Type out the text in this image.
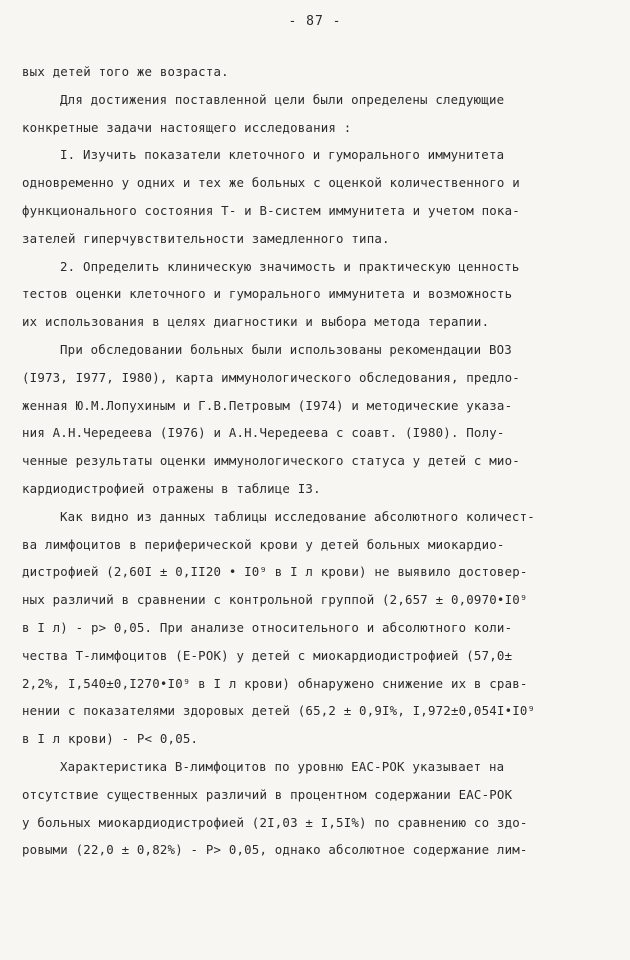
- 87 -
вых детей того же возраста.
Для достижения поставленной цели были определены следующие
конкретные задачи настоящего исследования :
I. Изучить показатели клеточного и гуморального иммунитета
одновременно у одних и тех же больных с оценкой количественного и
функционального состояния Т- и В-систем иммунитета и учетом пока-
зателей гиперчувствительности замедленного типа.
2. Определить клиническую значимость и практическую ценность
тестов оценки клеточного и гуморального иммунитета и возможность
их использования в целях диагностики и выбора метода терапии.
При обследовании больных были использованы рекомендации ВОЗ
(I973, I977, I980), карта иммунологического обследования, предло-
женная Ю.М.Лопухиным и Г.В.Петровым (I974) и методические указа-
ния А.Н.Чередеева (I976) и А.Н.Чередеева с соавт. (I980). Полу-
ченные результаты оценки иммунологического статуса у детей с мио-
кардиодистрофией отражены в таблице I3.
Как видно из данных таблицы исследование абсолютного количест-
ва лимфоцитов в периферической крови у детей больных миокардио-
дистрофией (2,60I ± 0,II20 • I0⁹ в I л крови) не выявило достовер-
ных различий в сравнении с контрольной группой (2,657 ± 0,0970•I0⁹
в I л) - p> 0,05. При анализе относительного и абсолютного коли-
чества Т-лимфоцитов (Е-РОК) у детей с миокардиодистрофией (57,0±
2,2%, I,540±0,I270•I0⁹ в I л крови) обнаружено снижение их в срав-
нении с показателями здоровых детей (65,2 ± 0,9I%, I,972±0,054I•I0⁹
в I л крови) - P< 0,05.
Характеристика В-лимфоцитов по уровню ЕАС-РОК указывает на
отсутствие существенных различий в процентном содержании ЕАС-РОК
у больных миокардиодистрофией (2I,03 ± I,5I%) по сравнению со здо-
ровыми (22,0 ± 0,82%) - P> 0,05, однако абсолютное содержание лим-
